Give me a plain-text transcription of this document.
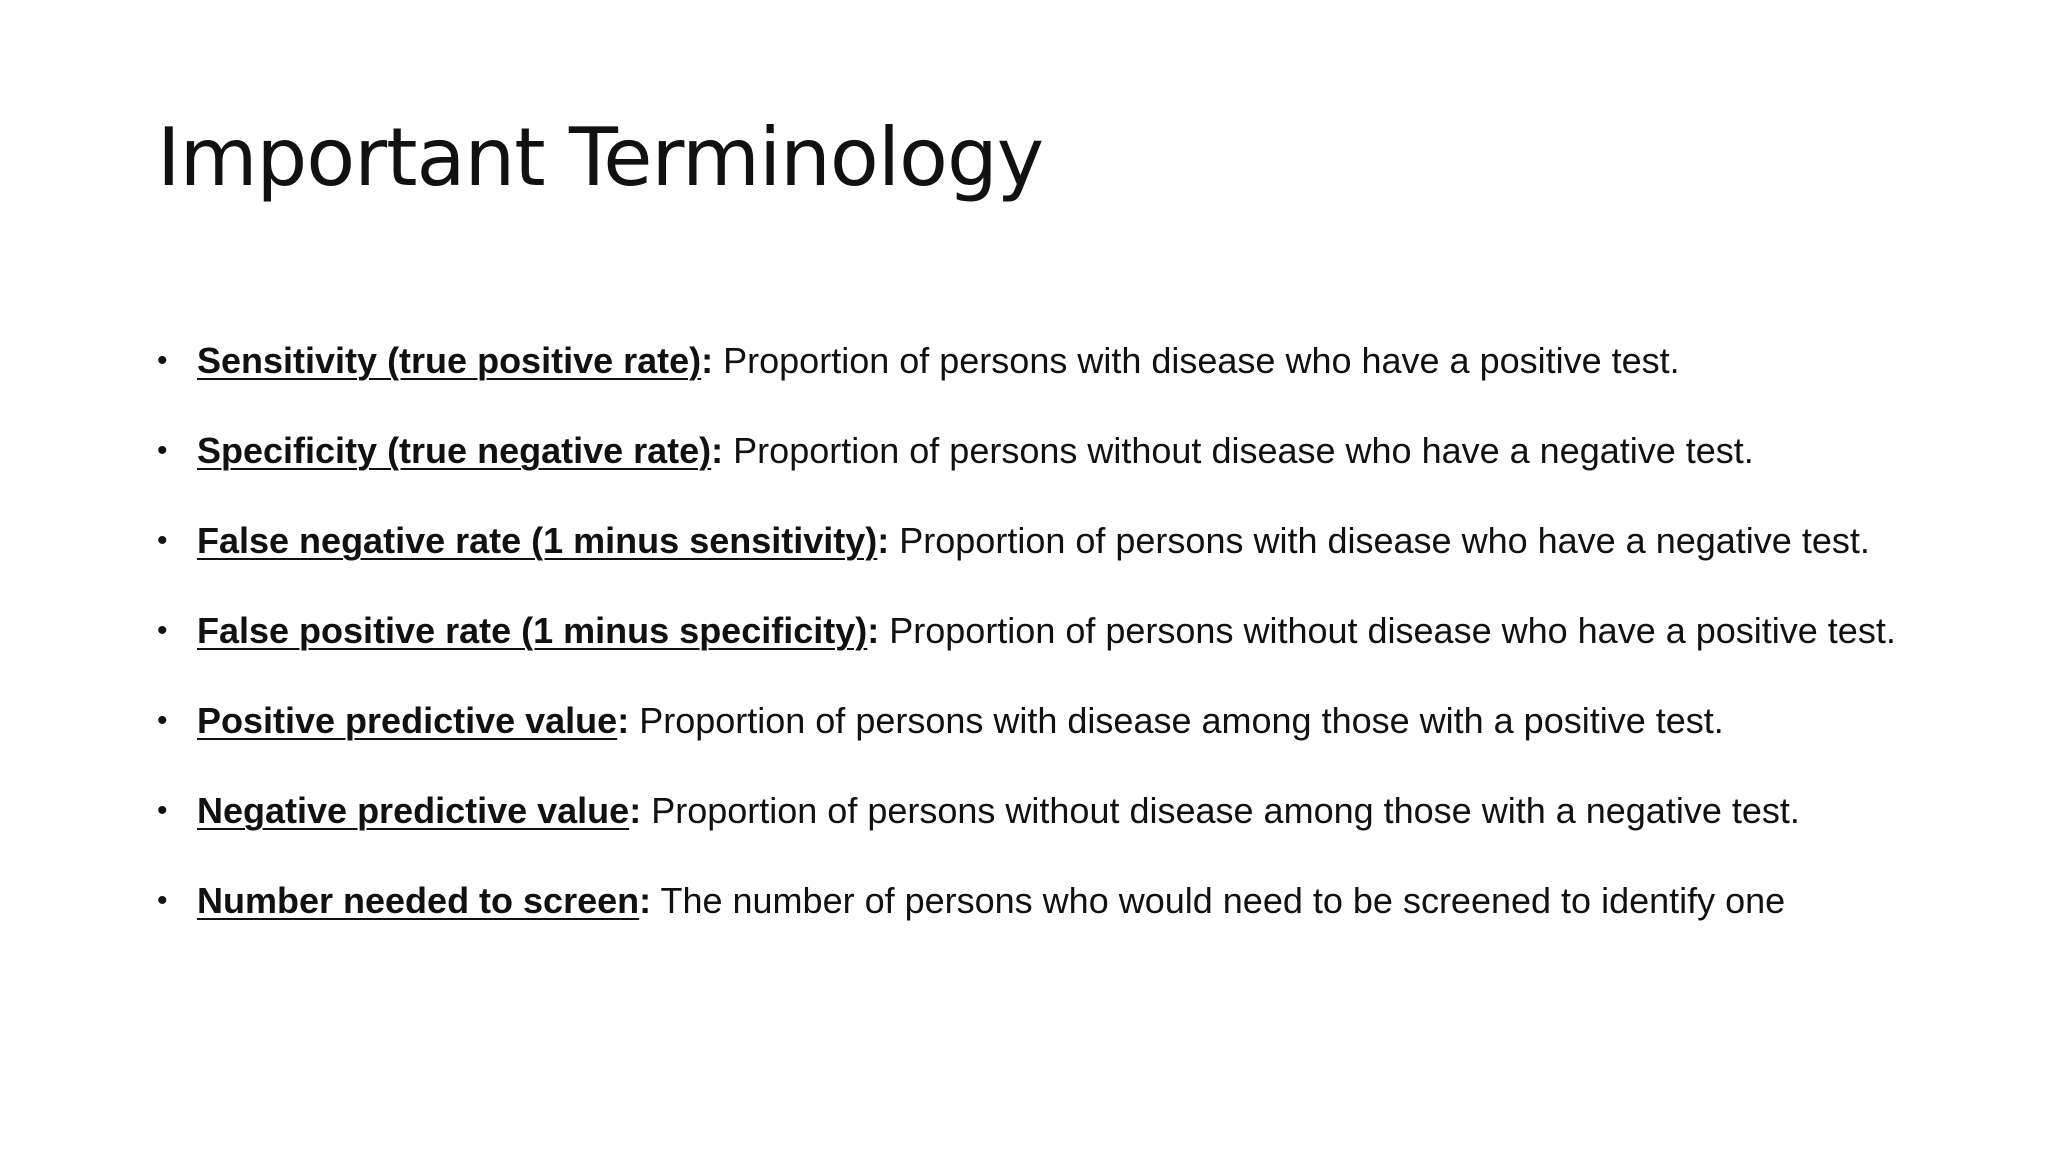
Important Terminology
• Sensitivity (true positive rate): Proportion of persons with disease who have a positive test.
• Specificity (true negative rate): Proportion of persons without disease who have a negative test.
• False negative rate (1 minus sensitivity): Proportion of persons with disease who have a negative test.
• False positive rate (1 minus specificity): Proportion of persons without disease who have a positive test.
• Positive predictive value: Proportion of persons with disease among those with a positive test.
• Negative predictive value: Proportion of persons without disease among those with a negative test.
• Number needed to screen: The number of persons who would need to be screened to identify one
